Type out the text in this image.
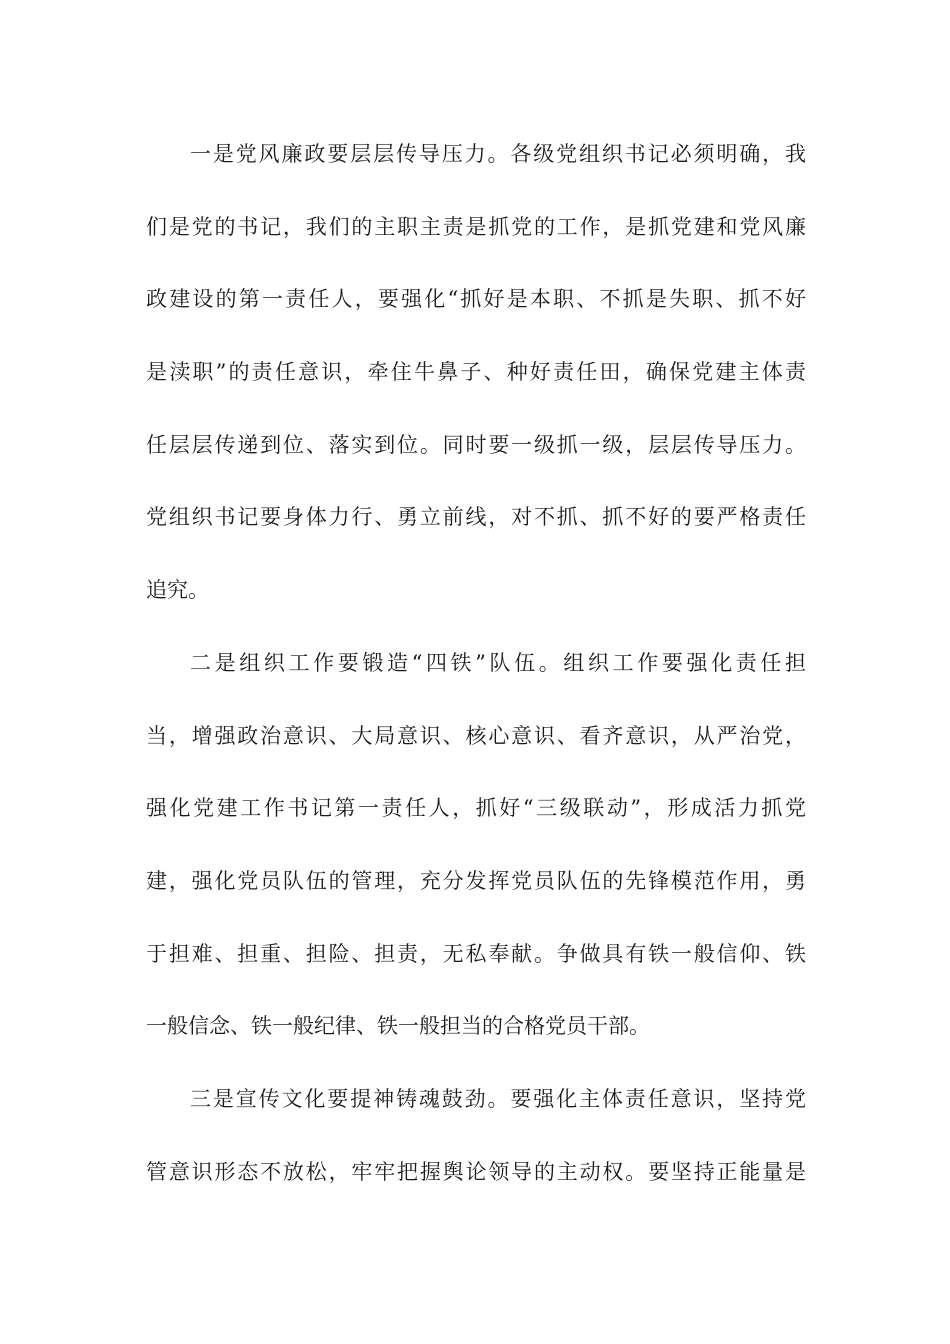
一是党风廉政要层层传导压力。各级党组织书记必须明确，我
们是党的书记，我们的主职主责是抓党的工作，是抓党建和党风廉
政建设的第一责任人，要强化“抓好是本职、不抓是失职、抓不好
是渎职”的责任意识，牵住牛鼻子、种好责任田，确保党建主体责
任层层传递到位、落实到位。同时要一级抓一级，层层传导压力。
党组织书记要身体力行、勇立前线，对不抓、抓不好的要严格责任
追究。
二是组织工作要锻造“四铁”队伍。组织工作要强化责任担
当，增强政治意识、大局意识、核心意识、看齐意识，从严治党，
强化党建工作书记第一责任人，抓好“三级联动”，形成活力抓党
建，强化党员队伍的管理，充分发挥党员队伍的先锋模范作用，勇
于担难、担重、担险、担责，无私奉献。争做具有铁一般信仰、铁
一般信念、铁一般纪律、铁一般担当的合格党员干部。
三是宣传文化要提神铸魂鼓劲。要强化主体责任意识，坚持党
管意识形态不放松，牢牢把握舆论领导的主动权。要坚持正能量是
